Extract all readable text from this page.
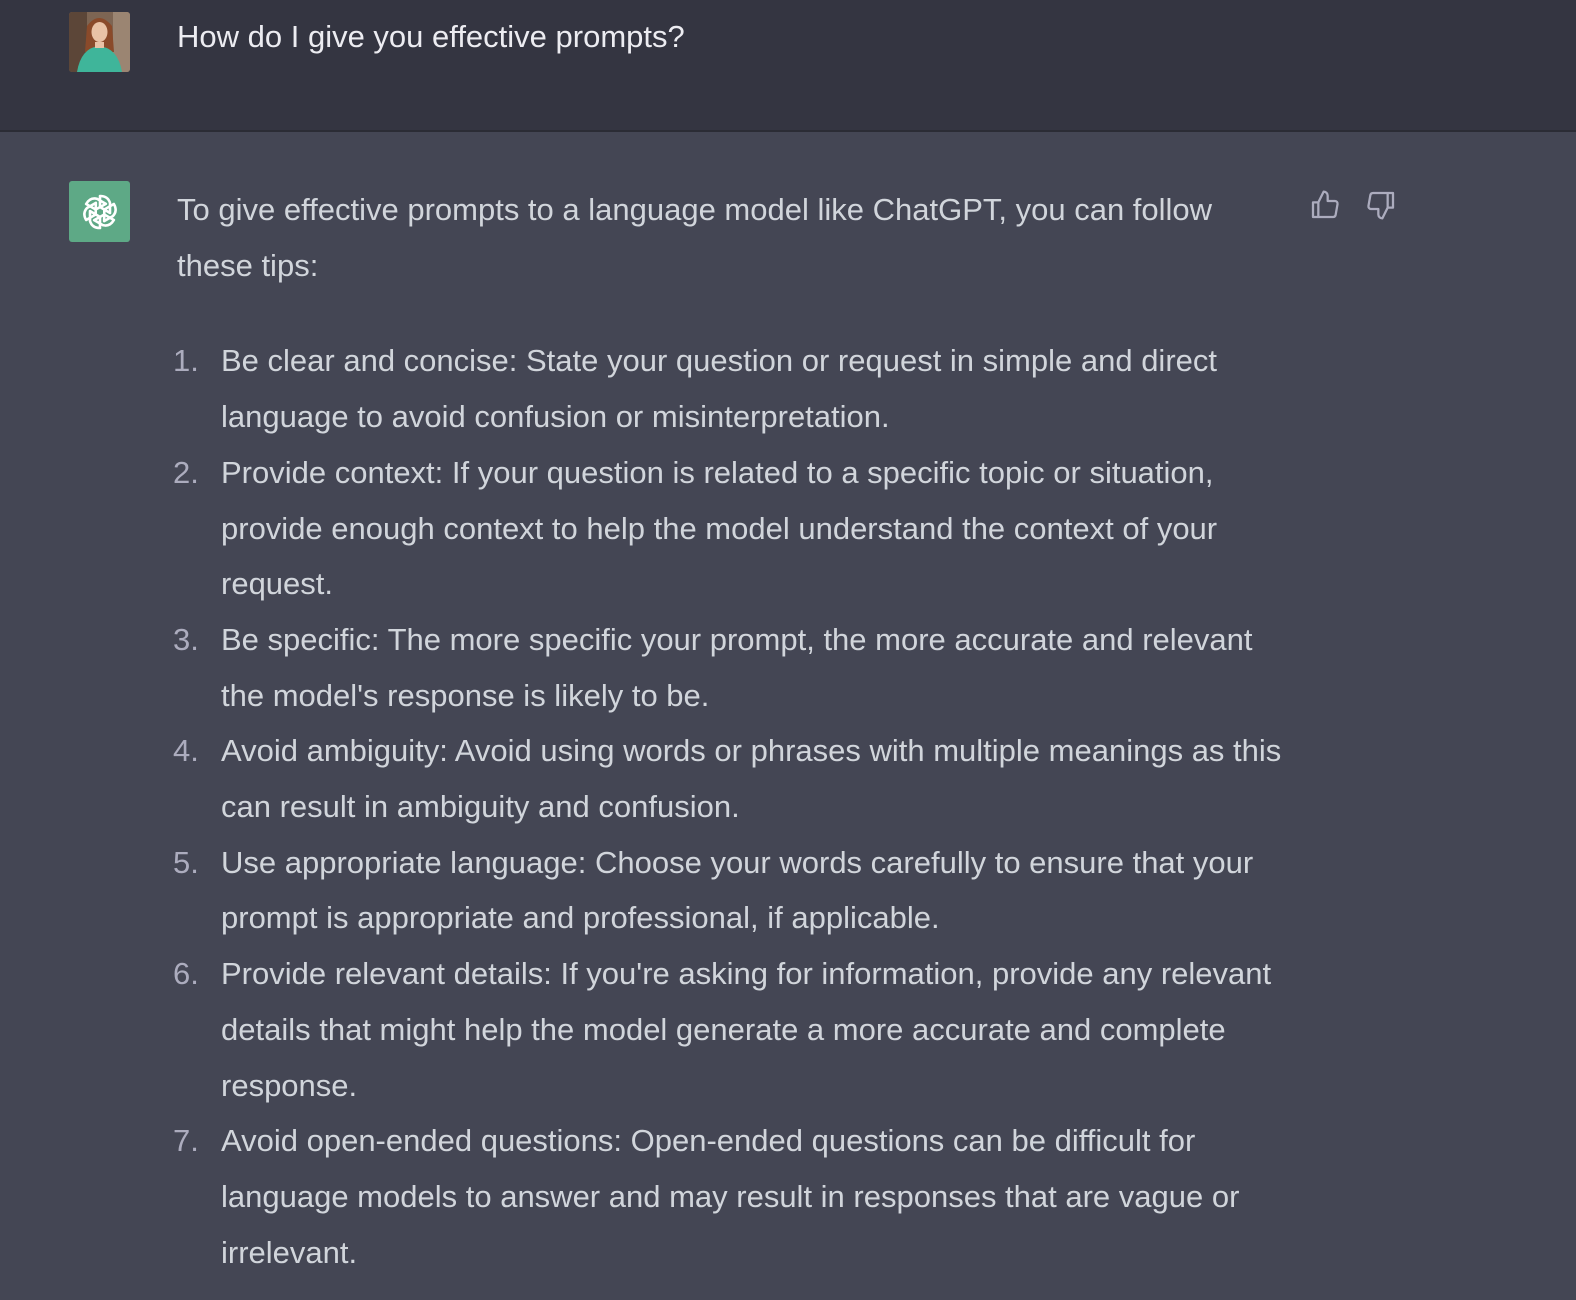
How do I give you effective prompts?

To give effective prompts to a language model like ChatGPT, you can follow these tips:

1. Be clear and concise: State your question or request in simple and direct language to avoid confusion or misinterpretation.
2. Provide context: If your question is related to a specific topic or situation, provide enough context to help the model understand the context of your request.
3. Be specific: The more specific your prompt, the more accurate and relevant the model's response is likely to be.
4. Avoid ambiguity: Avoid using words or phrases with multiple meanings as this can result in ambiguity and confusion.
5. Use appropriate language: Choose your words carefully to ensure that your prompt is appropriate and professional, if applicable.
6. Provide relevant details: If you're asking for information, provide any relevant details that might help the model generate a more accurate and complete response.
7. Avoid open-ended questions: Open-ended questions can be difficult for language models to answer and may result in responses that are vague or irrelevant.
